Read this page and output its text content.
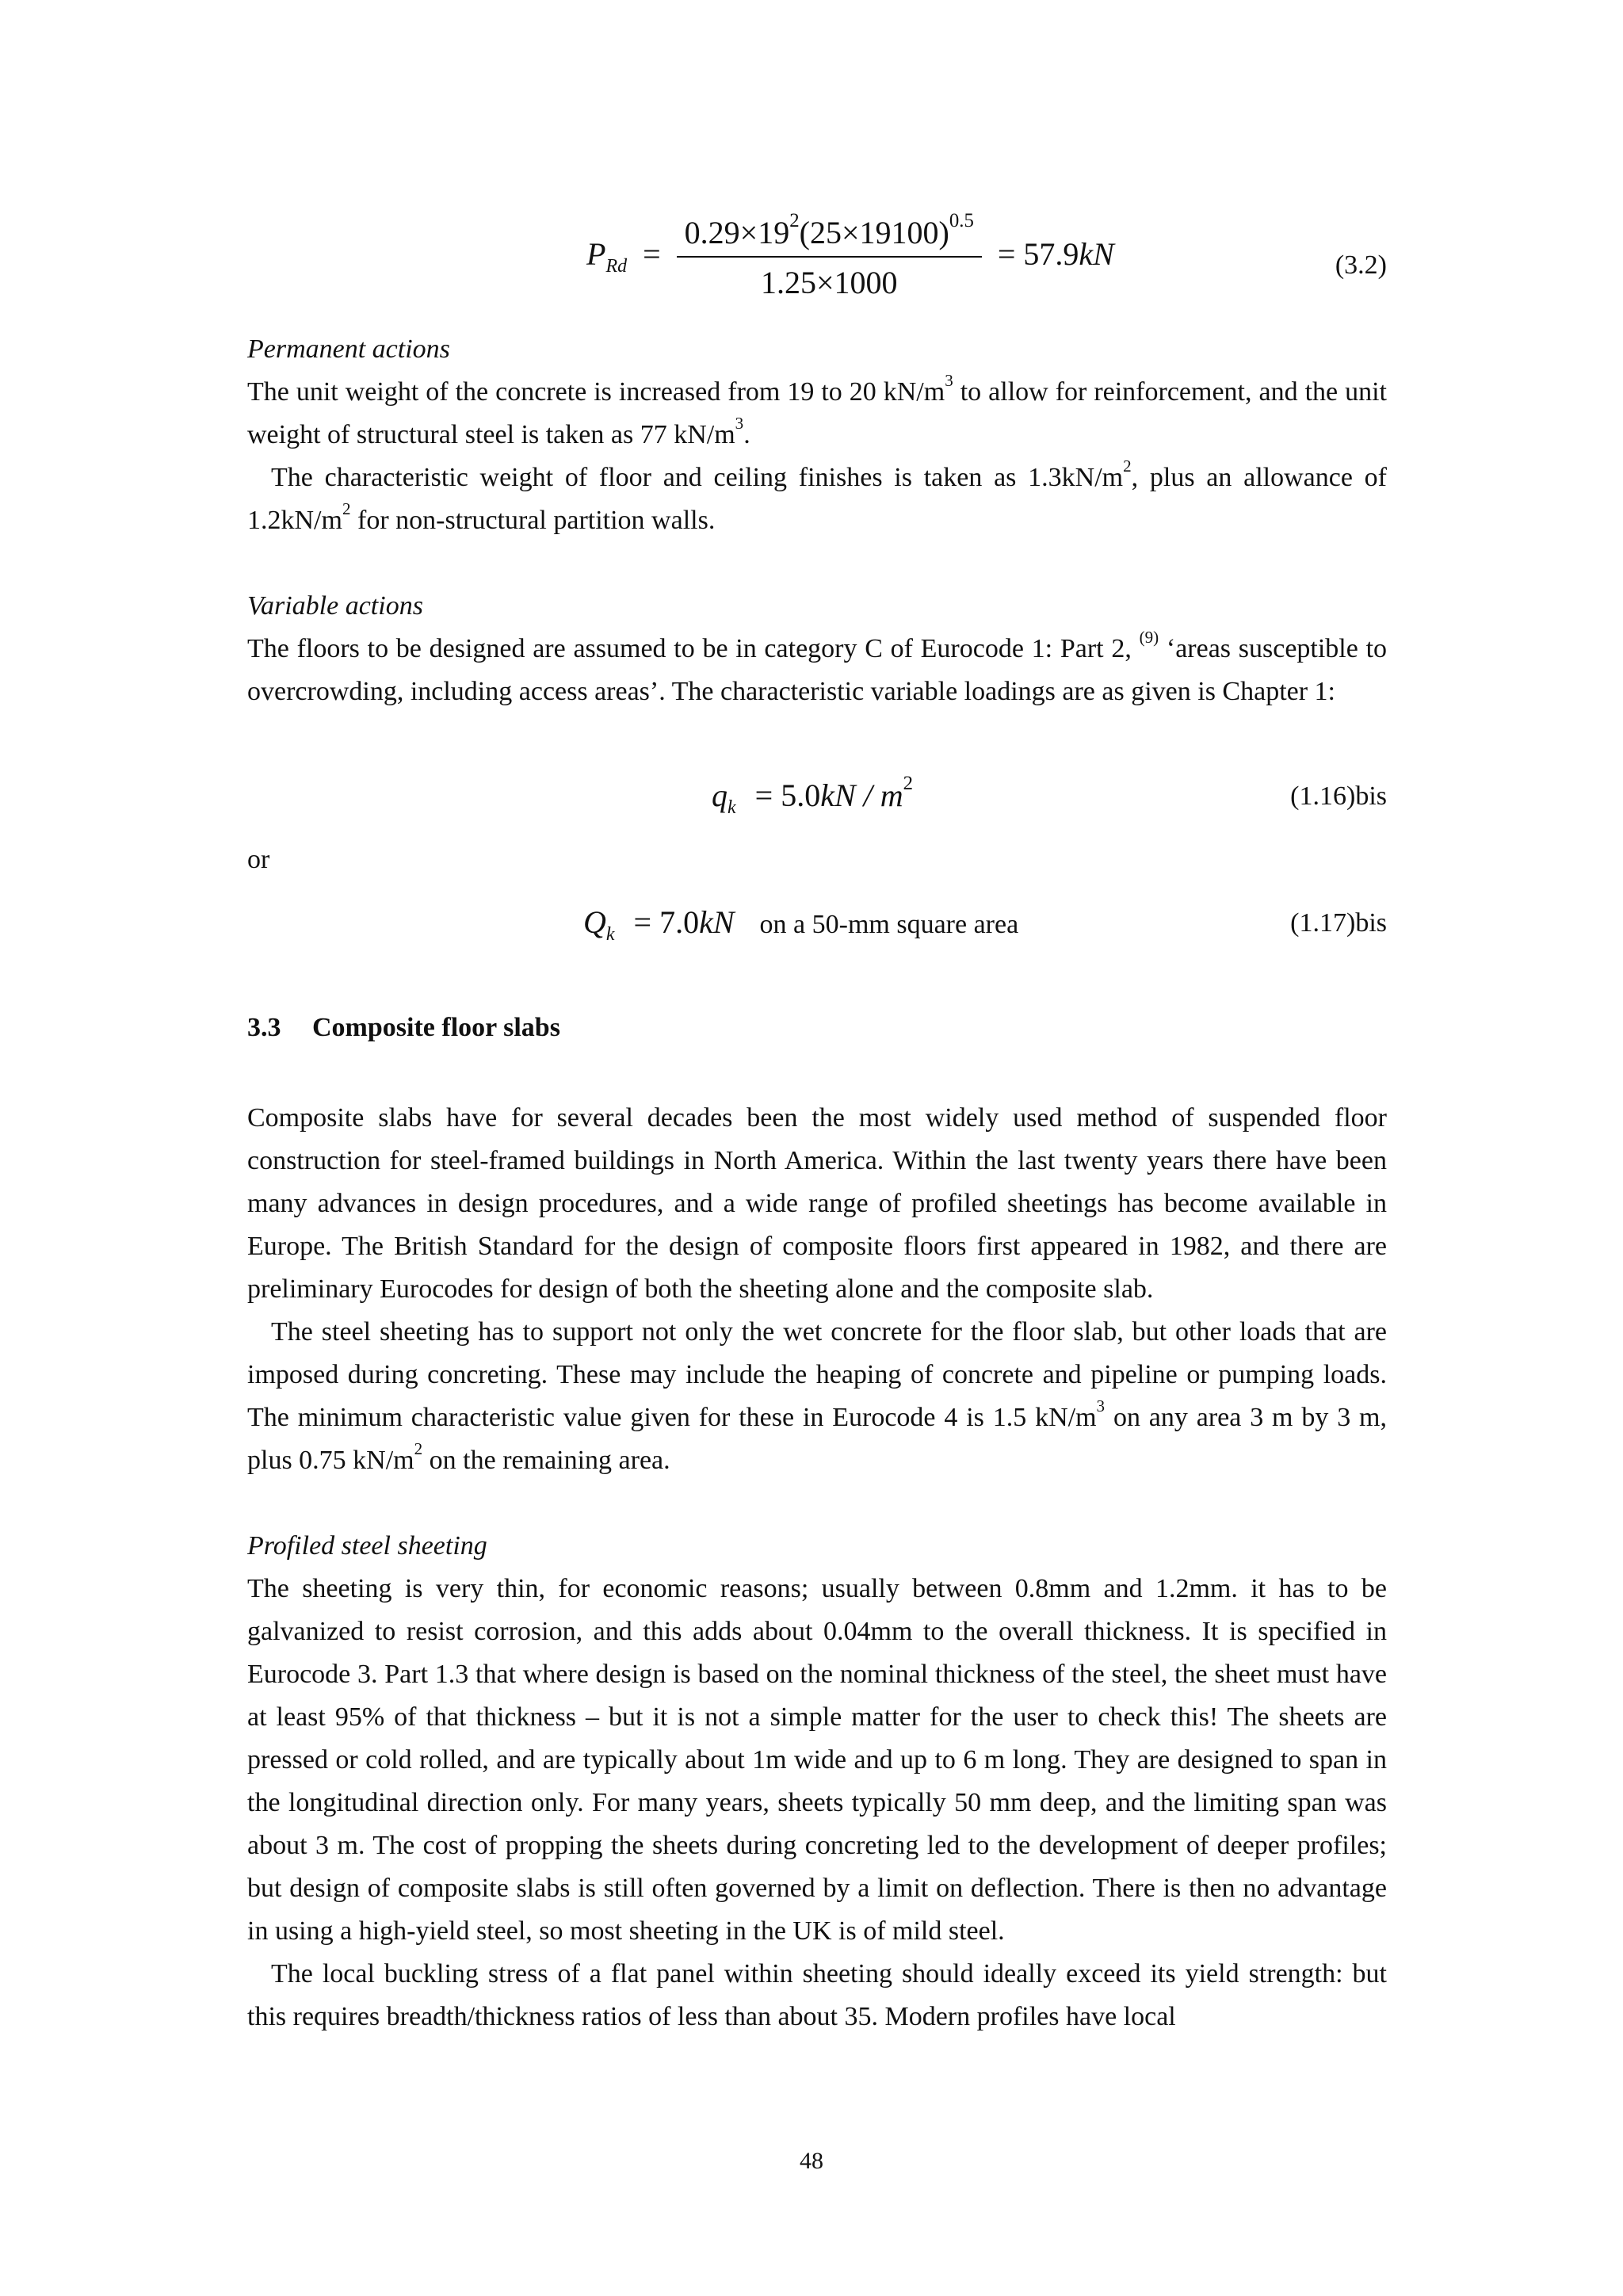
$P_{Rd} = \frac{0.29\times 19^2(25\times 19100)^{0.5}}{1.25\times 1000} = 57.9kN$	(3.2)
Permanent actions

The unit weight of the concrete is increased from 19 to 20 $kN/m^3$ to allow for reinforcement, and the unit weight of structural steel is taken as 77 $kN/m^3$.

The characteristic weight of floor and ceiling finishes is taken as $1.3kN/m^2$, plus an allowance of $1.2kN/m^2$ for non-structural partition walls.

Variable actions

The floors to be designed are assumed to be in category C of Eurocode 1: Part 2, $^{(9)}$ ‘areas susceptible to overcrowding, including access areas’. The characteristic variable loadings are as given is Chapter 1:

$q_k = 5.0kN / m^2$	(1.16)bis
or
$Q_k = 7.0kN$ on a 50-mm square area	(1.17)bis
3.3 Composite floor slabs

Composite slabs have for several decades been the most widely used method of suspended floor construction for steel-framed buildings in North America. Within the last twenty years there have been many advances in design procedures, and a wide range of profiled sheetings has become available in Europe. The British Standard for the design of composite floors first appeared in 1982, and there are preliminary Eurocodes for design of both the sheeting alone and the composite slab.

The steel sheeting has to support not only the wet concrete for the floor slab, but other loads that are imposed during concreting. These may include the heaping of concrete and pipeline or pumping loads. The minimum characteristic value given for these in Eurocode 4 is 1.5 $kN/m^3$ on any area 3 m by 3 m, plus 0.75 $kN/m^2$ on the remaining area.

Profiled steel sheeting

The sheeting is very thin, for economic reasons; usually between 0.8mm and 1.2mm. it has to be galvanized to resist corrosion, and this adds about 0.04mm to the overall thickness. It is specified in Eurocode 3. Part 1.3 that where design is based on the nominal thickness of the steel, the sheet must have at least 95% of that thickness – but it is not a simple matter for the user to check this! The sheets are pressed or cold rolled, and are typically about 1m wide and up to 6 m long. They are designed to span in the longitudinal direction only. For many years, sheets typically 50 mm deep, and the limiting span was about 3 m. The cost of propping the sheets during concreting led to the development of deeper profiles; but design of composite slabs is still often governed by a limit on deflection. There is then no advantage in using a high-yield steel, so most sheeting in the UK is of mild steel.

The local buckling stress of a flat panel within sheeting should ideally exceed its yield strength: but this requires breadth/thickness ratios of less than about 35. Modern profiles have local

48
